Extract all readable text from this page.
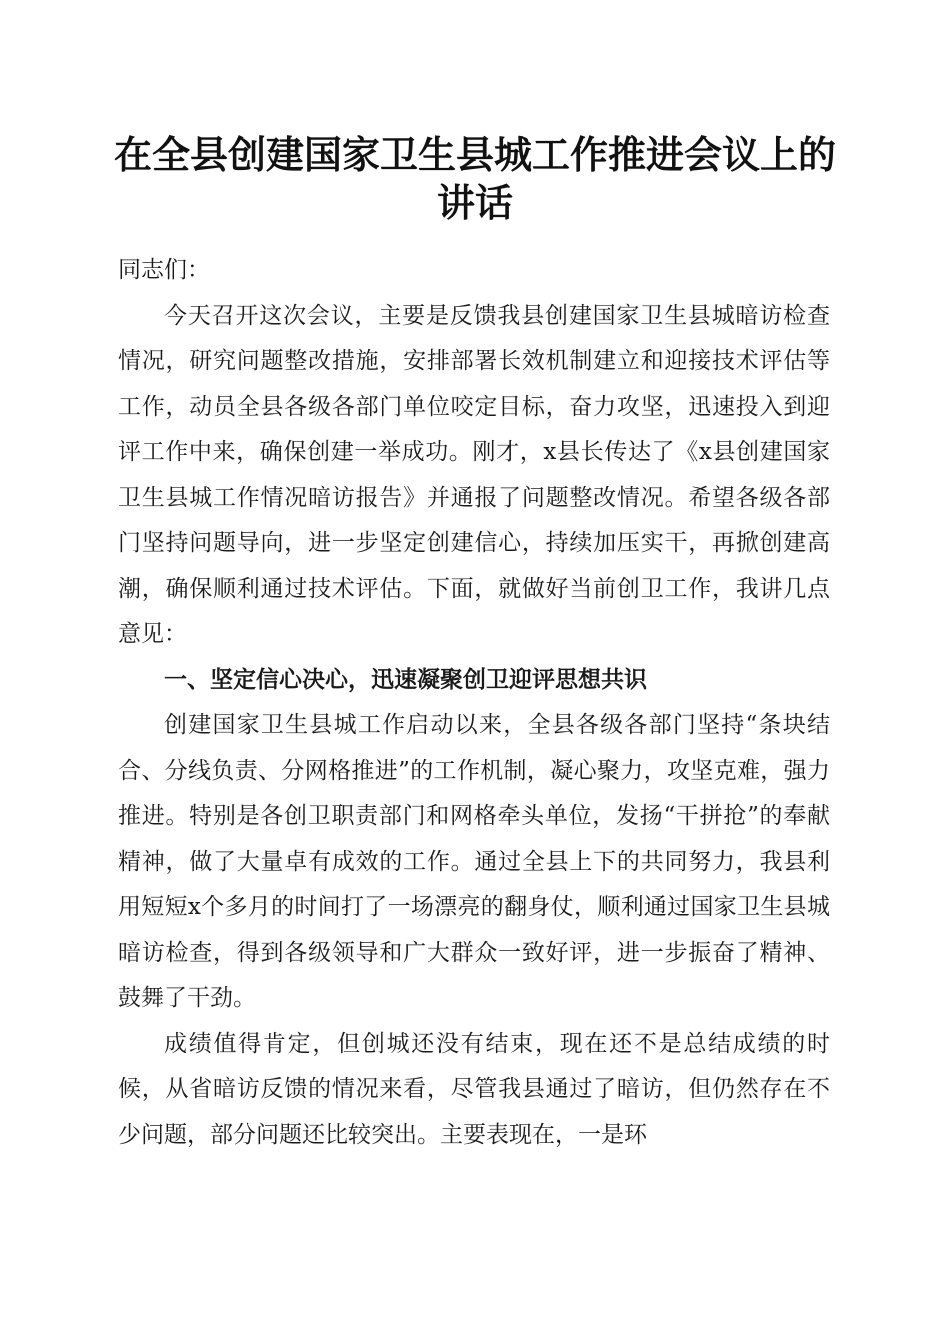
在全县创建国家卫生县城工作推进会议上的讲话

同志们：

今天召开这次会议，主要是反馈我县创建国家卫生县城暗访检查情况，研究问题整改措施，安排部署长效机制建立和迎接技术评估等工作，动员全县各级各部门单位咬定目标，奋力攻坚，迅速投入到迎评工作中来，确保创建一举成功。刚才，x县长传达了《x县创建国家卫生县城工作情况暗访报告》并通报了问题整改情况。希望各级各部门坚持问题导向，进一步坚定创建信心，持续加压实干，再掀创建高潮，确保顺利通过技术评估。下面，就做好当前创卫工作，我讲几点意见：

一、坚定信心决心，迅速凝聚创卫迎评思想共识

创建国家卫生县城工作启动以来，全县各级各部门坚持“条块结合、分线负责、分网格推进”的工作机制，凝心聚力，攻坚克难，强力推进。特别是各创卫职责部门和网格牵头单位，发扬“干拼抢”的奉献精神，做了大量卓有成效的工作。通过全县上下的共同努力，我县利用短短x个多月的时间打了一场漂亮的翻身仗，顺利通过国家卫生县城暗访检查，得到各级领导和广大群众一致好评，进一步振奋了精神、鼓舞了干劲。

成绩值得肯定，但创城还没有结束，现在还不是总结成绩的时候，从省暗访反馈的情况来看，尽管我县通过了暗访，但仍然存在不少问题，部分问题还比较突出。主要表现在，一是环
